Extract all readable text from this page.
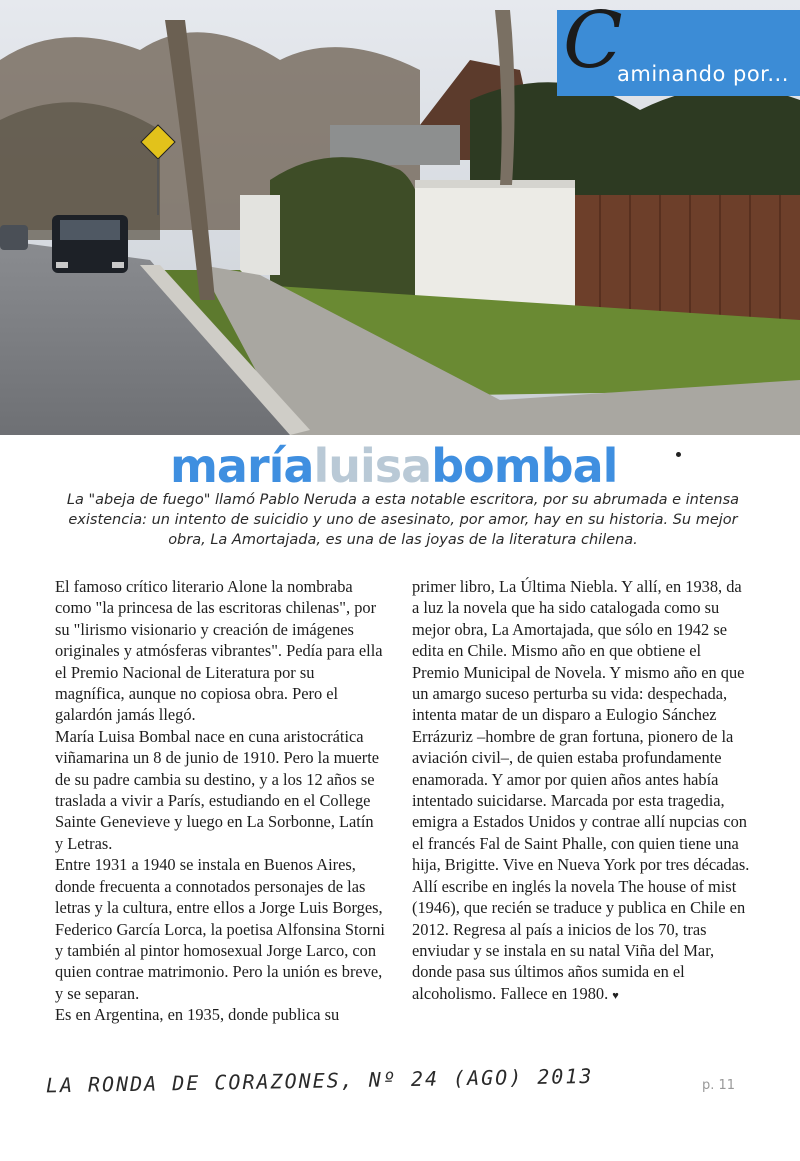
C
aminando por...
maríaluisabombal
La "abeja de fuego" llamó Pablo Neruda a esta notable escritora, por su abrumada e intensa existencia: un intento de suicidio y uno de asesinato, por amor, hay en su historia. Su mejor obra, La Amortajada, es una de las joyas de la literatura chilena.

El famoso crítico literario Alone la nombraba como "la princesa de las escritoras chilenas", por su "lirismo visionario y creación de imágenes originales y atmósferas vibrantes". Pedía para ella el Premio Nacional de Literatura por su magnífica, aunque no copiosa obra. Pero el galardón jamás llegó.

María Luisa Bombal nace en cuna aristocrática viñamarina un 8 de junio de 1910. Pero la muerte de su padre cambia su destino, y a los 12 años se traslada a vivir a París, estudiando en el College Sainte Genevieve y luego en La Sorbonne, Latín y Letras.

Entre 1931 a 1940 se instala en Buenos Aires, donde frecuenta a connotados personajes de las letras y la cultura, entre ellos a Jorge Luis Borges, Federico García Lorca, la poetisa Alfonsina Storni y también al pintor homosexual Jorge Larco, con quien contrae matrimonio. Pero la unión es breve, y se separan.

Es en Argentina, en 1935, donde publica su

primer libro, La Última Niebla. Y allí, en 1938, da a luz la novela que ha sido catalogada como su mejor obra, La Amortajada, que sólo en 1942 se edita en Chile. Mismo año en que obtiene el Premio Municipal de Novela. Y mismo año en que un amargo suceso perturba su vida: despechada, intenta matar de un disparo a Eulogio Sánchez Errázuriz –hombre de gran fortuna, pionero de la aviación civil–, de quien estaba profundamente enamorada. Y amor por quien años antes había intentado suicidarse. Marcada por esta tragedia, emigra a Estados Unidos y contrae allí nupcias con el francés Fal de Saint Phalle, con quien tiene una hija, Brigitte. Vive en Nueva York por tres décadas. Allí escribe en inglés la novela The house of mist (1946), que recién se traduce y publica en Chile en 2012. Regresa al país a inicios de los 70, tras enviudar y se instala en su natal Viña del Mar, donde pasa sus últimos años sumida en el alcoholismo. Fallece en 1980. ♥

LA RONDA DE CORAZONES, Nº 24 (AGO) 2013	p. 11
